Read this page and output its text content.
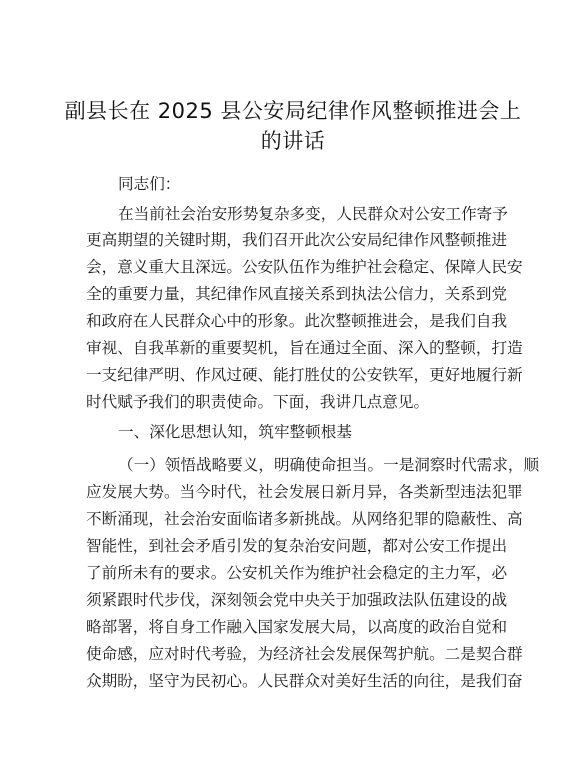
副县长在 2025 县公安局纪律作风整顿推进会上
的讲话
同志们：
在当前社会治安形势复杂多变，人民群众对公安工作寄予
更高期望的关键时期，我们召开此次公安局纪律作风整顿推进
会，意义重大且深远。公安队伍作为维护社会稳定、保障人民安
全的重要力量，其纪律作风直接关系到执法公信力，关系到党
和政府在人民群众心中的形象。此次整顿推进会，是我们自我
审视、自我革新的重要契机，旨在通过全面、深入的整顿，打造
一支纪律严明、作风过硬、能打胜仗的公安铁军，更好地履行新
时代赋予我们的职责使命。下面，我讲几点意见。
一、深化思想认知，筑牢整顿根基
（一）领悟战略要义，明确使命担当。一是洞察时代需求，顺
应发展大势。当今时代，社会发展日新月异，各类新型违法犯罪
不断涌现，社会治安面临诸多新挑战。从网络犯罪的隐蔽性、高
智能性，到社会矛盾引发的复杂治安问题，都对公安工作提出
了前所未有的要求。公安机关作为维护社会稳定的主力军，必
须紧跟时代步伐，深刻领会党中央关于加强政法队伍建设的战
略部署，将自身工作融入国家发展大局，以高度的政治自觉和
使命感，应对时代考验，为经济社会发展保驾护航。二是契合群
众期盼，坚守为民初心。人民群众对美好生活的向往，是我们奋
